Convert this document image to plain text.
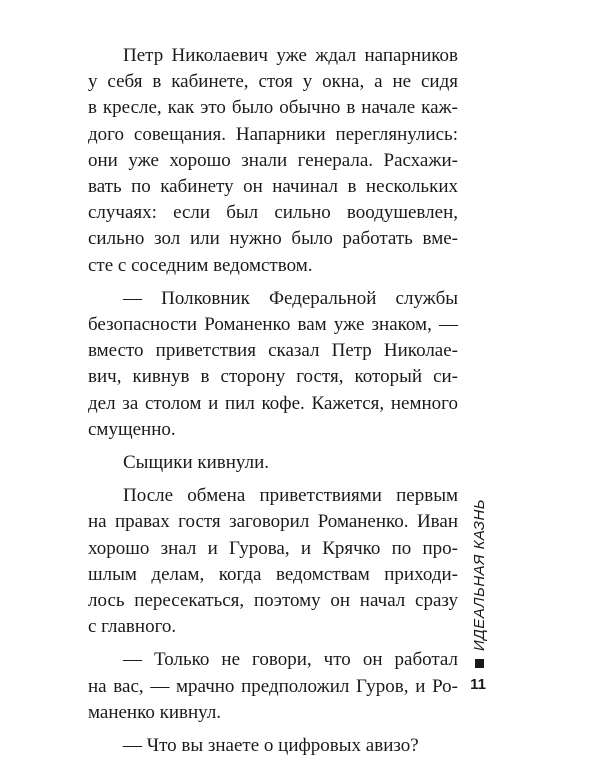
Петр Николаевич уже ждал напарников
у себя в кабинете, стоя у окна, а не сидя
в кресле, как это было обычно в начале каж-
дого совещания. Напарники переглянулись:
они уже хорошо знали генерала. Расхажи-
вать по кабинету он начинал в нескольких
случаях: если был сильно воодушевлен,
сильно зол или нужно было работать вме-
сте с соседним ведомством.

— Полковник Федеральной службы
безопасности Романенко вам уже знаком, —
вместо приветствия сказал Петр Николае-
вич, кивнув в сторону гостя, который си-
дел за столом и пил кофе. Кажется, немного
смущенно.

Сыщики кивнули.

После обмена приветствиями первым
на правах гостя заговорил Романенко. Иван
хорошо знал и Гурова, и Крячко по про-
шлым делам, когда ведомствам приходи-
лось пересекаться, поэтому он начал сразу
с главного.

— Только не говори, что он работал
на вас, — мрачно предположил Гуров, и Ро-
маненко кивнул.

— Что вы знаете о цифровых авизо?

ИДЕАЛЬНАЯ КАЗНЬ
11
